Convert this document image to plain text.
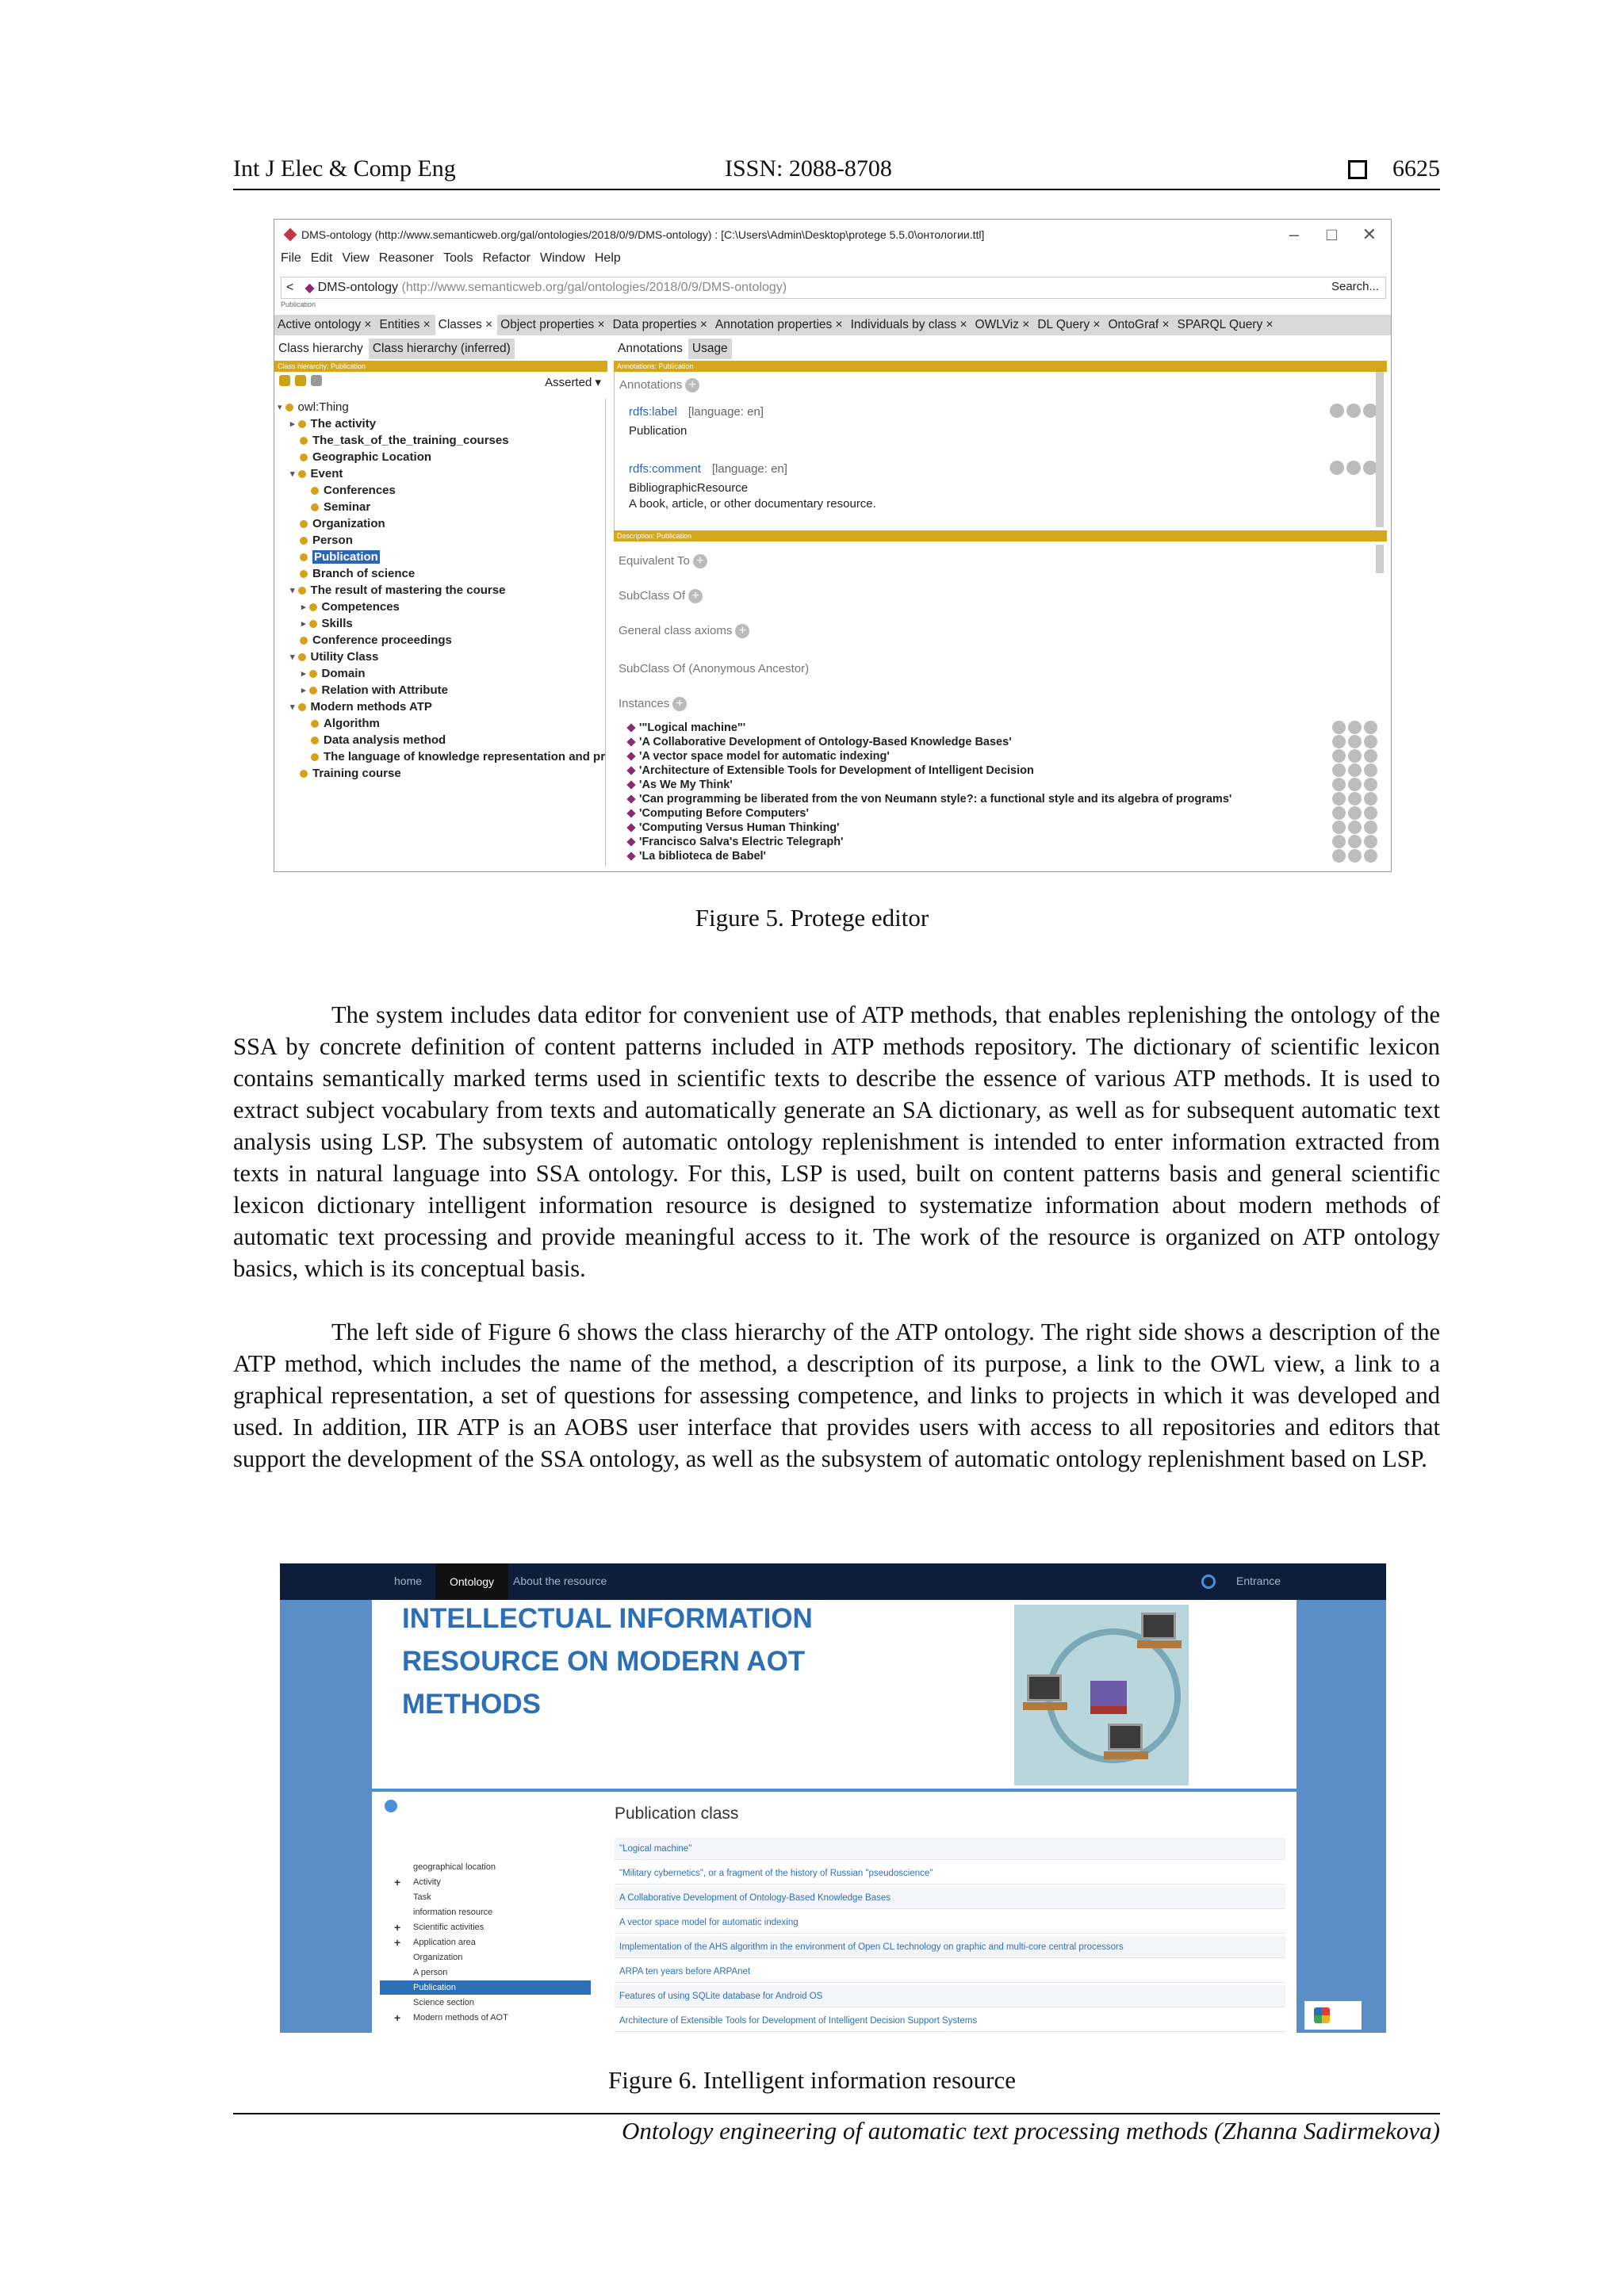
Int J Elec & Comp Eng	ISSN: 2088-8708	6625
DMS-ontology (http://www.semanticweb.org/gal/ontologies/2018/0/9/DMS-ontology) : [C:\Users\Admin\Desktop\protege 5.5.0\онтологии.ttl]	– □ ✕
File Edit View Reasoner Tools Refactor Window Help
< ◆ DMS-ontology
(http://www.semanticweb.org/gal/ontologies/2018/0/9/DMS-ontology)	Search...
Publication
Active ontology × Entities × Classes × Object properties × Data properties × Annotation properties × Individuals by class × OWLViz × DL Query × OntoGraf × SPARQL Query ×
Class hierarchy Class hierarchy (inferred)	Annotations Usage
Class hierarchy: Publication	Annotations: Publication
Asserted ▾
▾ owl:Thing
▸ The activity
The_task_of_the_training_courses
Geographic Location
▾ Event
Conferences
Seminar
Organization
Person
Publication
Branch of science
▾ The result of mastering the course
▸ Competences
▸ Skills
Conference proceedings
▾ Utility Class
▸ Domain
▸ Relation with Attribute
▾ Modern methods ATP
Algorithm
Data analysis method
The language of knowledge representation and pr
Training course
Annotations +
rdfs:label [language: en]
Publication
rdfs:comment [language: en]
BibliographicResource
A book, article, or other documentary resource.
Description: Publication
Equivalent To +
SubClass Of +
General class axioms +
SubClass Of (Anonymous Ancestor)
Instances +
'"Logical machine"'
'A Collaborative Development of Ontology-Based Knowledge Bases'
'A vector space model for automatic indexing'
'Architecture of Extensible Tools for Development of Intelligent Decision
'As We My Think'
'Can programming be liberated from the von Neumann style?: a functional style and its algebra of programs'
'Computing Before Computers'
'Computing Versus Human Thinking'
'Francisco Salva's Electric Telegraph'
'La biblioteca de Babel'
Figure 5. Protege editor
The system includes data editor for convenient use of ATP methods, that enables replenishing the ontology of the SSA by concrete definition of content patterns included in ATP methods repository. The dictionary of scientific lexicon contains semantically marked terms used in scientific texts to describe the essence of various ATP methods. It is used to extract subject vocabulary from texts and automatically generate an SA dictionary, as well as for subsequent automatic text analysis using LSP. The subsystem of automatic ontology replenishment is intended to enter information extracted from texts in natural language into SSA ontology. For this, LSP is used, built on content patterns basis and general scientific lexicon dictionary intelligent information resource is designed to systematize information about modern methods of automatic text processing and provide meaningful access to it. The work of the resource is organized on ATP ontology basics, which is its conceptual basis.
The left side of Figure 6 shows the class hierarchy of the ATP ontology. The right side shows a description of the ATP method, which includes the name of the method, a description of its purpose, a link to the OWL view, a link to a graphical representation, a set of questions for assessing competence, and links to projects in which it was developed and used. In addition, IIR ATP is an AOBS user interface that provides users with access to all repositories and editors that support the development of the SSA ontology, as well as the subsystem of automatic ontology replenishment based on LSP.
home	Ontology	About the resource	Entrance
INTELLECTUAL INFORMATION
RESOURCE ON MODERN AOT
METHODS
geographical location
+ Activity
Task
information resource
+ Scientific activities
+ Application area
Organization
A person
Publication
Science section
+ Modern methods of AOT
Publication class
"Logical machine"
"Military cybernetics", or a fragment of the history of Russian "pseudoscience"
A Collaborative Development of Ontology-Based Knowledge Bases
A vector space model for automatic indexing
Implementation of the AHS algorithm in the environment of Open CL technology on graphic and multi-core central processors
ARPA ten years before ARPAnet
Features of using SQLite database for Android OS
Architecture of Extensible Tools for Development of Intelligent Decision Support Systems
Figure 6. Intelligent information resource
Ontology engineering of automatic text processing methods (Zhanna Sadirmekova)
